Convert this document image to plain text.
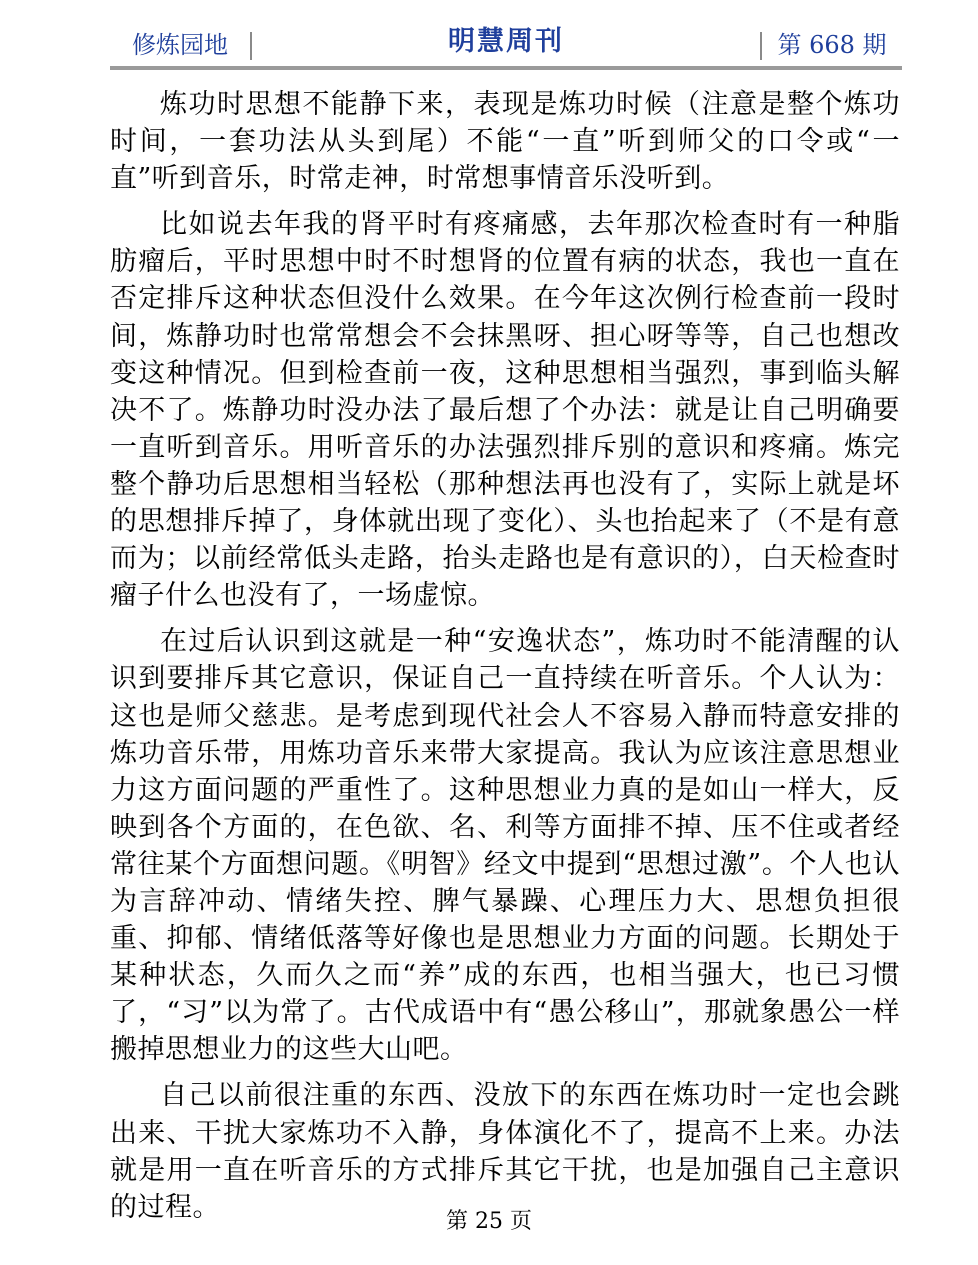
修炼园地	明慧周刊	第 668 期

炼功时思想不能静下来，表现是炼功时候（注意是整个炼功时间，一套功法从头到尾）不能“一直”听到师父的口令或“一直”听到音乐，时常走神，时常想事情音乐没听到。

比如说去年我的肾平时有疼痛感，去年那次检查时有一种脂肪瘤后，平时思想中时不时想肾的位置有病的状态，我也一直在否定排斥这种状态但没什么效果。在今年这次例行检查前一段时间，炼静功时也常常想会不会抹黑呀、担心呀等等，自己也想改变这种情况。但到检查前一夜，这种思想相当强烈，事到临头解决不了。炼静功时没办法了最后想了个办法：就是让自己明确要一直听到音乐。用听音乐的办法强烈排斥别的意识和疼痛。炼完整个静功后思想相当轻松（那种想法再也没有了，实际上就是坏的思想排斥掉了，身体就出现了变化）、头也抬起来了（不是有意而为；以前经常低头走路，抬头走路也是有意识的），白天检查时瘤子什么也没有了，一场虚惊。

在过后认识到这就是一种“安逸状态”，炼功时不能清醒的认识到要排斥其它意识，保证自己一直持续在听音乐。个人认为：这也是师父慈悲。是考虑到现代社会人不容易入静而特意安排的炼功音乐带，用炼功音乐来带大家提高。我认为应该注意思想业力这方面问题的严重性了。这种思想业力真的是如山一样大，反映到各个方面的，在色欲、名、利等方面排不掉、压不住或者经常往某个方面想问题。《明智》经文中提到“思想过激”。个人也认为言辞冲动、情绪失控、脾气暴躁、心理压力大、思想负担很重、抑郁、情绪低落等好像也是思想业力方面的问题。长期处于某种状态，久而久之而“养”成的东西，也相当强大，也已习惯了，“习”以为常了。古代成语中有“愚公移山”，那就象愚公一样搬掉思想业力的这些大山吧。

自己以前很注重的东西、没放下的东西在炼功时一定也会跳出来、干扰大家炼功不入静，身体演化不了，提高不上来。办法就是用一直在听音乐的方式排斥其它干扰，也是加强自己主意识的过程。	第 25 页
